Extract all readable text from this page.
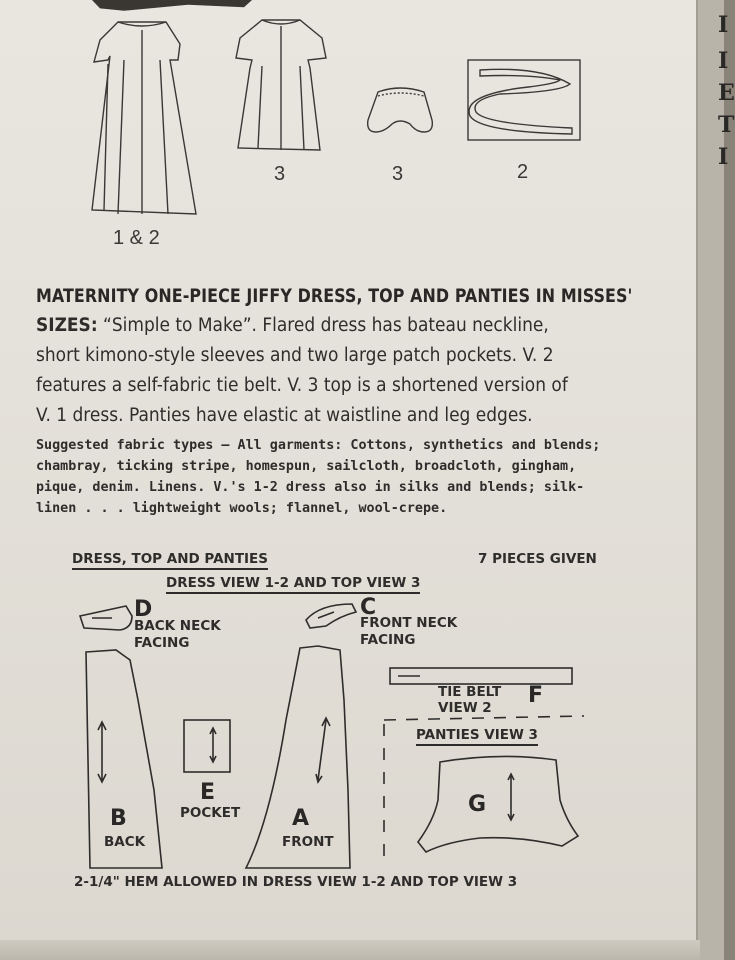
I
I
E
T
I
1 & 2
3	3	2

MATERNITY ONE-PIECE JIFFY DRESS, TOP AND PANTIES IN MISSES'

SIZES: “Simple to Make”. Flared dress has bateau neckline,

short kimono-style sleeves and two large patch pockets. V. 2

features a self-fabric tie belt. V. 3 top is a shortened version of

V. 1 dress. Panties have elastic at waistline and leg edges.

Suggested fabric types — All garments: Cottons, synthetics and blends;

chambray, ticking stripe, homespun, sailcloth, broadcloth, gingham,

pique, denim. Linens. V.'s 1-2 dress also in silks and blends; silk-

linen . . . lightweight wools; flannel, wool-crepe.

DRESS, TOP AND PANTIES	7 PIECES GIVEN
DRESS VIEW 1-2 AND TOP VIEW 3
D
BACK NECK
FACING
C
FRONT NECK
FACING
TIE BELT F
VIEW 2
PANTIES VIEW 3
G
B
BACK
E
POCKET A
FRONT
2-1/4" HEM ALLOWED IN DRESS VIEW 1-2 AND TOP VIEW 3
